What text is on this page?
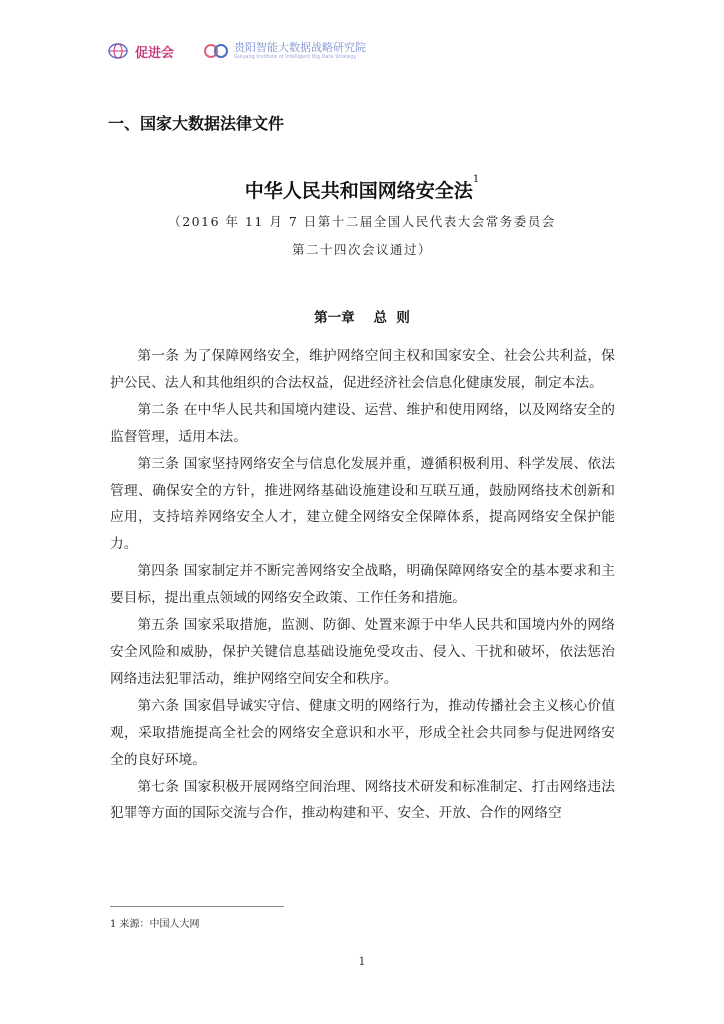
促进会	贵阳智能大数据战略研究院
Guiyang Institute of Intelligent Big Data Strategy
一、国家大数据法律文件
中华人民共和国网络安全法$^1$
（2016 年 11 月 7 日第十二届全国人民代表大会常务委员会
第二十四次会议通过）
第一章    总  则

第一条 为了保障网络安全，维护网络空间主权和国家安全、社会公共利益，保护公民、法人和其他组织的合法权益，促进经济社会信息化健康发展，制定本法。

第二条 在中华人民共和国境内建设、运营、维护和使用网络，以及网络安全的监督管理，适用本法。

第三条 国家坚持网络安全与信息化发展并重，遵循积极利用、科学发展、依法管理、确保安全的方针，推进网络基础设施建设和互联互通，鼓励网络技术创新和应用，支持培养网络安全人才，建立健全网络安全保障体系，提高网络安全保护能力。

第四条 国家制定并不断完善网络安全战略，明确保障网络安全的基本要求和主要目标，提出重点领域的网络安全政策、工作任务和措施。

第五条 国家采取措施，监测、防御、处置来源于中华人民共和国境内外的网络安全风险和威胁，保护关键信息基础设施免受攻击、侵入、干扰和破坏，依法惩治网络违法犯罪活动，维护网络空间安全和秩序。

第六条 国家倡导诚实守信、健康文明的网络行为，推动传播社会主义核心价值观，采取措施提高全社会的网络安全意识和水平，形成全社会共同参与促进网络安全的良好环境。

第七条 国家积极开展网络空间治理、网络技术研发和标准制定、打击网络违法犯罪等方面的国际交流与合作，推动构建和平、安全、开放、合作的网络空

1 来源：中国人大网
1
